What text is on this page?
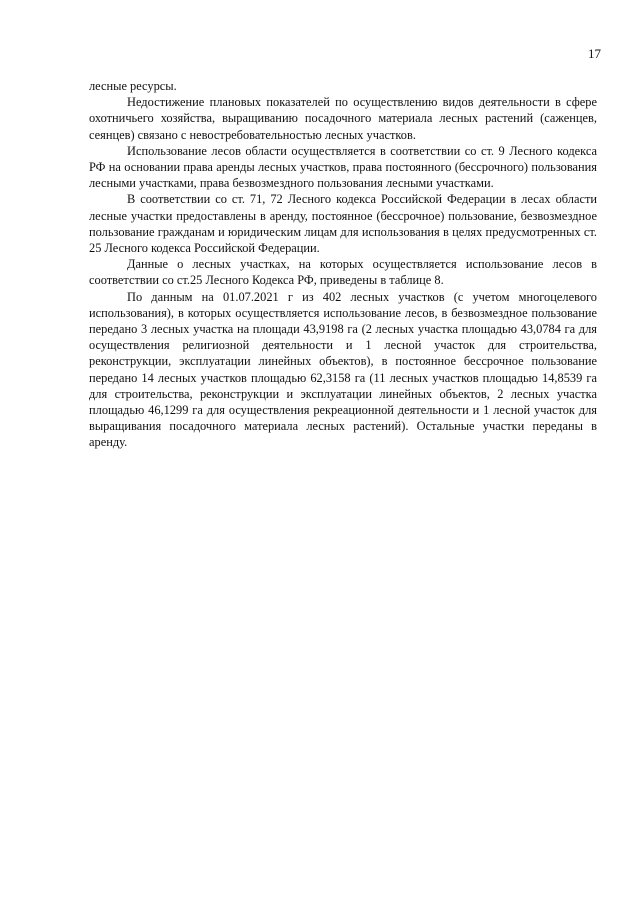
17

лесные ресурсы.

Недостижение плановых показателей по осуществлению видов деятельности в сфере охотничьего хозяйства, выращиванию посадочного материала лесных растений (саженцев, сеянцев) связано с невостребовательностью лесных участков.

Использование лесов области осуществляется в соответствии со ст. 9 Лесного кодекса РФ на основании права аренды лесных участков, права постоянного (бессрочного) пользования лесными участками, права безвозмездного пользования лесными участками.

В соответствии со ст. 71, 72 Лесного кодекса Российской Федерации в лесах области лесные участки предоставлены в аренду, постоянное (бессрочное) пользование, безвозмездное пользование гражданам и юридическим лицам для использования в целях предусмотренных ст. 25 Лесного кодекса Российской Федерации.

Данные о лесных участках, на которых осуществляется использование лесов в соответствии со ст.25 Лесного Кодекса РФ, приведены в таблице 8.

По данным на 01.07.2021 г из 402 лесных участков (с учетом многоцелевого использования), в которых осуществляется использование лесов, в безвозмездное пользование передано 3 лесных участка на площади 43,9198 га (2 лесных участка площадью 43,0784 га для осуществления религиозной деятельности и 1 лесной участок для строительства, реконструкции, эксплуатации линейных объектов), в постоянное бессрочное пользование передано 14 лесных участков площадью 62,3158 га (11 лесных участков площадью 14,8539 га для строительства, реконструкции и эксплуатации линейных объектов, 2 лесных участка площадью 46,1299 га для осуществления рекреационной деятельности и 1 лесной участок для выращивания посадочного материала лесных растений). Остальные участки переданы в аренду.
